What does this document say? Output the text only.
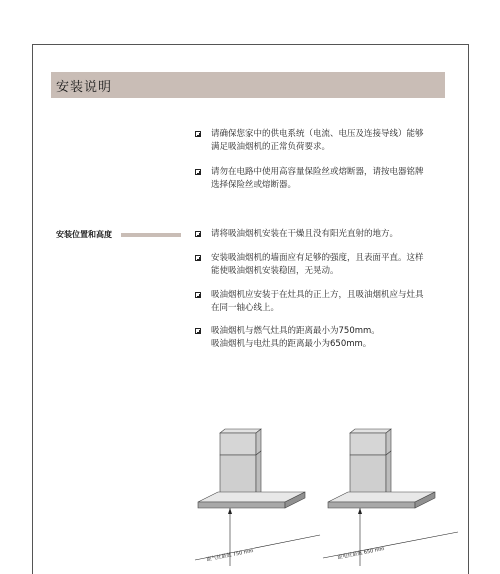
安装说明
请确保您家中的供电系统（电流、电压及连接导线）能够
满足吸油烟机的正常负荷要求。
请勿在电路中使用高容量保险丝或熔断器，请按电器铭牌
选择保险丝或熔断器。
安装位置和高度	请将吸油烟机安装在干燥且没有阳光直射的地方。
安装吸油烟机的墙面应有足够的强度，且表面平直。这样
能使吸油烟机安装稳固，无晃动。
吸油烟机应安装于在灶具的正上方，且吸油烟机应与灶具
在同一轴心线上。
吸油烟机与燃气灶具的距离最小为750mm。
吸油烟机与电灶具的距离最小为650mm。
距气灶最低 750 mm	距电灶最低 650 mm
